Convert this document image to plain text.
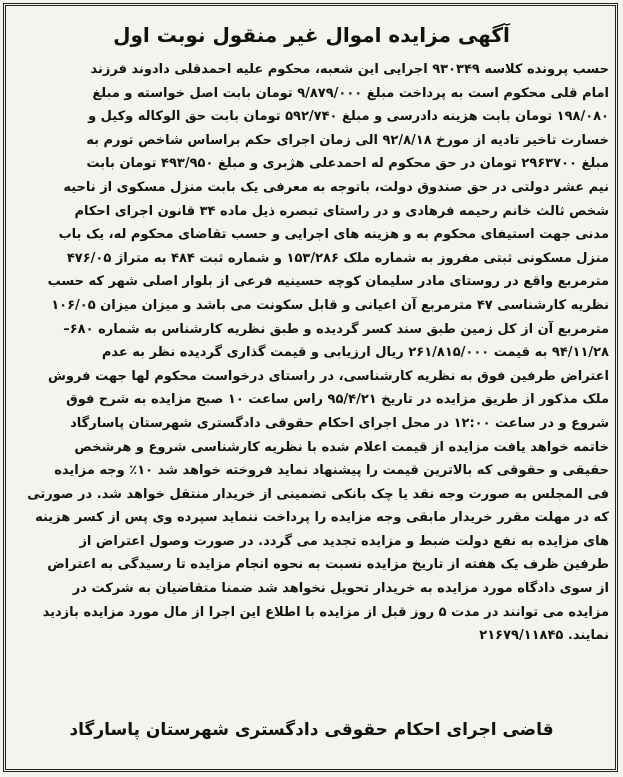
آگهی مزایده اموال غیر منقول نوبت اول
حسب پرونده کلاسه ۹۳۰۳۴۹ اجرایی این شعبه، محکوم علیه احمدقلی دادوند فرزند
امام قلی محکوم است به پرداخت مبلغ ۹/۸۷۹/۰۰۰ تومان بابت اصل خواسته و مبلغ
۱۹۸/۰۸۰ تومان بابت هزینه دادرسی و مبلغ ۵۹۲/۷۴۰ تومان بابت حق الوکاله وکیل و
خسارت تاخیر تادیه از مورخ ۹۲/۸/۱۸ الی زمان اجرای حکم براساس شاخص تورم به
مبلغ ۲۹۶۳۷۰۰ تومان در حق محکوم له احمدعلی هژبری و مبلغ ۴۹۳/۹۵۰ تومان بابت
نیم عشر دولتی در حق صندوق دولت، باتوجه به معرفی یک بابت منزل مسکوی از ناحیه
شخص ثالث خانم رحیمه فرهادی و در راستای تبصره ذیل ماده ۳۴ قانون اجرای احکام
مدنی جهت استیفای محکوم به و هزینه های اجرایی و حسب تقاضای محکوم له، یک باب
منزل مسکونی ثبتی مفروز به شماره ملک ۱۵۳/۲۸۶ و شماره ثبت ۴۸۴ به متراژ ۴۷۶/۰۵
مترمربع واقع در روستای مادر سلیمان کوچه حسینیه فرعی از بلوار اصلی شهر که حسب
نظریه کارشناسی ۴۷ مترمربع آن اعیانی و قابل سکونت می باشد و میزان میزان ۱۰۶/۰۵
مترمربع آن از کل زمین طبق سند کسر گردیده و طبق نظریه کارشناس به شماره ۶۸۰–
۹۴/۱۱/۲۸ به قیمت ۲۶۱/۸۱۵/۰۰۰ ریال ارزیابی و قیمت گذاری گردیده نظر به عدم
اعتراض طرفین فوق به نظریه کارشناسی، در راستای درخواست محکوم لها جهت فروش
ملک مذکور از طریق مزایده در تاریخ ۹۵/۴/۲۱ راس ساعت ۱۰ صبح مزایده به شرح فوق
شروع و در ساعت ۱۲:۰۰ در محل اجرای احکام حقوقی دادگستری شهرستان پاسارگاد
خاتمه خواهد یافت مزایده از قیمت اعلام شده با نظریه کارشناسی شروع و هرشخص
حقیقی و حقوقی که بالاترین قیمت را پیشنهاد نماید فروخته خواهد شد ۱۰٪ وجه مزایده
فی المجلس به صورت وجه نقد یا چک بانکی تضمینی از خریدار منتقل خواهد شد. در صورتی
که در مهلت مقرر خریدار مابقی وجه مزایده را پرداخت ننماید سپرده وی پس از کسر هزینه
های مزایده به نفع دولت ضبط و مزایده تجدید می گردد. در صورت وصول اعتراض از
طرفین ظرف یک هفته از تاریخ مزایده نسبت به نحوه انجام مزایده تا رسیدگی به اعتراض
از سوی دادگاه مورد مزایده به خریدار تحویل نخواهد شد ضمنا متقاضیان به شرکت در
مزایده می توانند در مدت ۵ روز قبل از مزایده با اطلاع این اجرا از مال مورد مزایده بازدید
نمایند. ۲۱۶۷۹/۱۱۸۴۵
قاضی اجرای احکام حقوقی دادگستری شهرستان پاسارگاد
